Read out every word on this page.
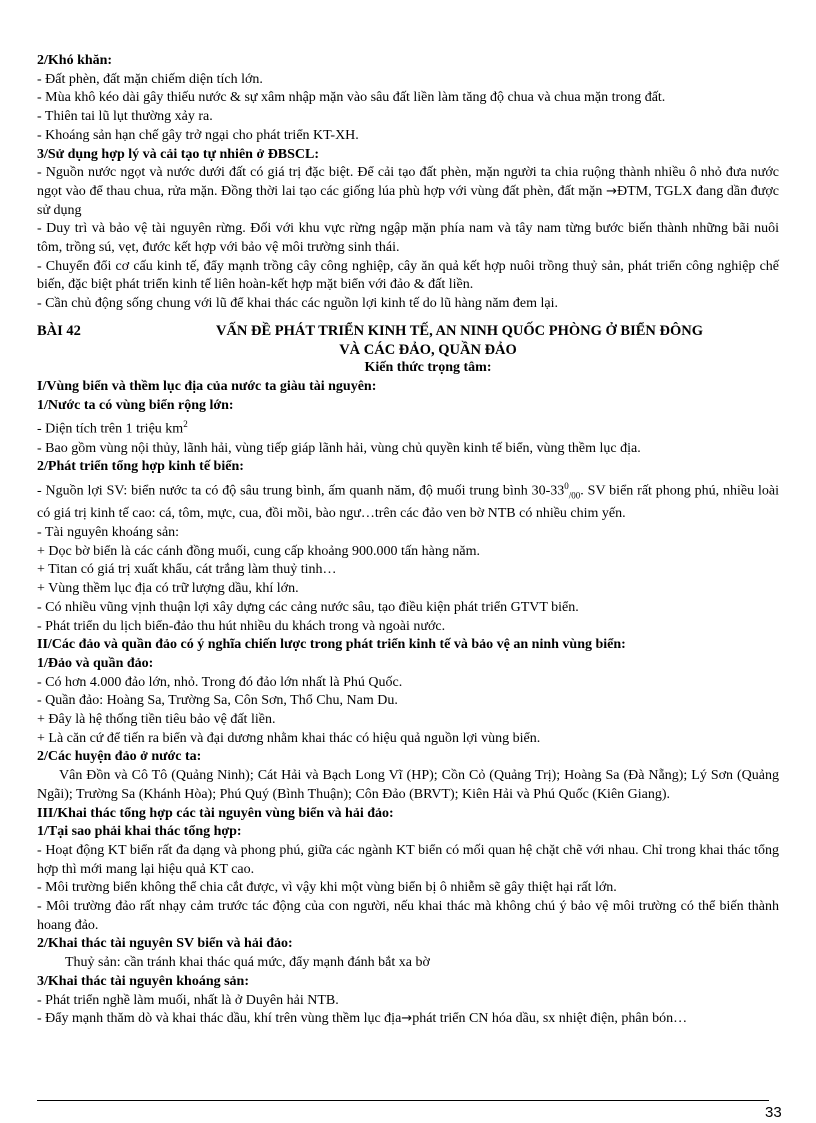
2/Khó khăn:

- Đất phèn, đất mặn chiếm diện tích lớn.

- Mùa khô kéo dài gây thiếu nước & sự xâm nhập mặn vào sâu đất liền làm tăng độ chua và chua mặn trong đất.

- Thiên tai lũ lụt thường xảy ra.

- Khoáng sản hạn chế gây trở ngại cho phát triển KT-XH.

3/Sử dụng hợp lý và cải tạo tự nhiên ở ĐBSCL:

- Nguồn nước ngọt và nước dưới đất có giá trị đặc biệt. Để cải tạo đất phèn, mặn người ta chia ruộng thành nhiều ô nhỏ đưa nước ngọt vào để thau chua, rửa mặn. Đồng thời lai tạo các giống lúa phù hợp với vùng đất phèn, đất mặn →ĐTM, TGLX đang dần được sử dụng

- Duy trì và bảo vệ tài nguyên rừng. Đối với khu vực rừng ngập mặn phía nam và tây nam từng bước biến thành những bãi nuôi tôm, trồng sú, vẹt, đước kết hợp với bảo vệ môi trường sinh thái.

- Chuyển đổi cơ cấu kinh tế, đẩy mạnh trồng cây công nghiệp, cây ăn quả kết hợp nuôi trồng thuỷ sản, phát triển công nghiệp chế biến, đặc biệt phát triển kinh tế liên hoàn-kết hợp mặt biển với đảo & đất liền.

- Cần chủ động sống chung với lũ để khai thác các nguồn lợi kinh tế do lũ hàng năm đem lại.

BÀI 42	VẤN ĐỀ PHÁT TRIỂN KINH TẾ, AN NINH QUỐC PHÒNG Ở BIỂN ĐÔNG

VÀ CÁC ĐẢO, QUẦN ĐẢO

Kiến thức trọng tâm:

I/Vùng biển và thềm lục địa của nước ta giàu tài nguyên:

1/Nước ta có vùng biển rộng lớn:

- Diện tích trên 1 triệu $km^2$

- Bao gồm vùng nội thủy, lãnh hải, vùng tiếp giáp lãnh hải, vùng chủ quyền kinh tế biển, vùng thềm lục địa.

2/Phát triển tổng hợp kinh tế biển:

- Nguồn lợi SV: biển nước ta có độ sâu trung bình, ấm quanh năm, độ muối trung bình $30-33^0_{/00}$. SV biển rất phong phú, nhiều loài có giá trị kinh tế cao: cá, tôm, mực, cua, đồi mồi, bào ngư…trên các đảo ven bờ NTB có nhiều chim yến.

- Tài nguyên khoáng sản:

+ Dọc bờ biển là các cánh đồng muối, cung cấp khoảng 900.000 tấn hàng năm.

+ Titan có giá trị xuất khẩu, cát trắng làm thuỷ tinh…

+ Vùng thềm lục địa có trữ lượng dầu, khí lớn.

- Có nhiều vũng vịnh thuận lợi xây dựng các cảng nước sâu, tạo điều kiện phát triển GTVT biển.

- Phát triển du lịch biển-đảo thu hút nhiều du khách trong và ngoài nước.

II/Các đảo và quần đảo có ý nghĩa chiến lược trong phát triển kinh tế và bảo vệ an ninh vùng biển:

1/Đảo và quần đảo:

- Có hơn 4.000 đảo lớn, nhỏ. Trong đó đảo lớn nhất là Phú Quốc.

- Quần đảo: Hoàng Sa, Trường Sa, Côn Sơn, Thổ Chu, Nam Du.

+ Đây là hệ thống tiền tiêu bảo vệ đất liền.

+ Là căn cứ để tiến ra biển và đại dương nhằm khai thác có hiệu quả nguồn lợi vùng biển.

2/Các huyện đảo ở nước ta:

Vân Đồn và Cô Tô (Quảng Ninh); Cát Hải và Bạch Long Vĩ (HP); Cồn Cỏ (Quảng Trị); Hoàng Sa (Đà Nẵng); Lý Sơn (Quảng Ngãi); Trường Sa (Khánh Hòa); Phú Quý (Bình Thuận); Côn Đảo (BRVT); Kiên Hải và Phú Quốc (Kiên Giang).

III/Khai thác tổng hợp các tài nguyên vùng biển và hải đảo:

1/Tại sao phải khai thác tổng hợp:

- Hoạt động KT biển rất đa dạng và phong phú, giữa các ngành KT biển có mối quan hệ chặt chẽ với nhau. Chỉ trong khai thác tổng hợp thì mới mang lại hiệu quả KT cao.

- Môi trường biển không thể chia cắt được, vì vậy khi một vùng biển bị ô nhiễm sẽ gây thiệt hại rất lớn.

- Môi trường đảo rất nhạy cảm trước tác động của con người, nếu khai thác mà không chú ý bảo vệ môi trường có thể biến thành hoang đảo.

2/Khai thác tài nguyên SV biển và hải đảo:

Thuỷ sản: cần tránh khai thác quá mức, đẩy mạnh đánh bắt xa bờ

3/Khai thác tài nguyên khoáng sản:

- Phát triển nghề làm muối, nhất là ở Duyên hải NTB.

- Đẩy mạnh thăm dò và khai thác dầu, khí trên vùng thềm lục địa→phát triển CN hóa dầu, sx nhiệt điện, phân bón…

33
